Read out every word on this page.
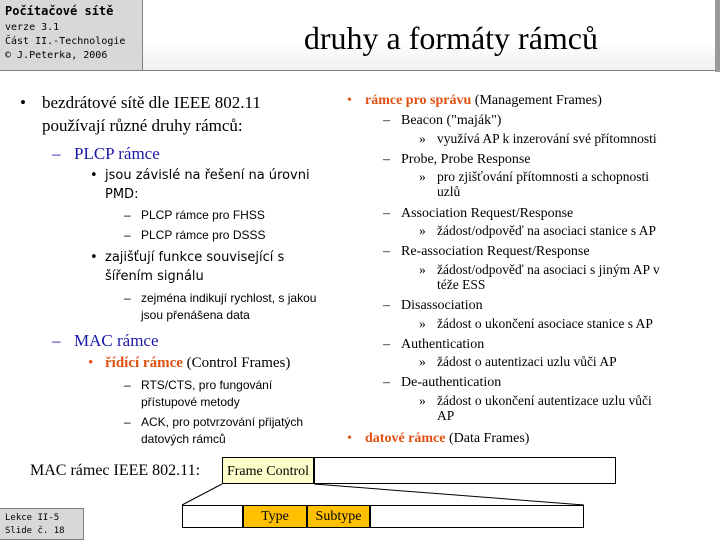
druhy a formáty rámců
Počítačové sítě
verze 3.1
Část II.-Technologie
© J.Peterka, 2006
• bezdrátové sítě dle IEEE 802.11
používají různé druhy rámců:
– PLCP rámce
• jsou závislé na řešení na úrovni
PMD:
– PLCP rámce pro FHSS
– PLCP rámce pro DSSS
• zajišťují funkce související s
šířením signálu
– zejména indikují rychlost, s jakou
jsou přenášena data
– MAC rámce
• řídící rámce (Control Frames)
– RTS/CTS, pro fungování
přístupové metody
– ACK, pro potvrzování přijatých
datových rámců
• rámce pro správu (Management Frames)
– Beacon ("maják")
» využívá AP k inzerování své přítomnosti
– Probe, Probe Response
» pro zjišťování přítomnosti a schopnosti
uzlů
– Association Request/Response
» žádost/odpověď na asociaci stanice s AP
– Re-association Request/Response
» žádost/odpověď na asociaci s jiným AP v
téže ESS
– Disassociation
» žádost o ukončení asociace stanice s AP
– Authentication
» žádost o autentizaci uzlu vůči AP
– De-authentication
» žádost o ukončení autentizace uzlu vůči
AP
• datové rámce (Data Frames)
MAC rámec IEEE 802.11:	Frame Control
Type	Subtype
Lekce II-5
Slide č. 18
